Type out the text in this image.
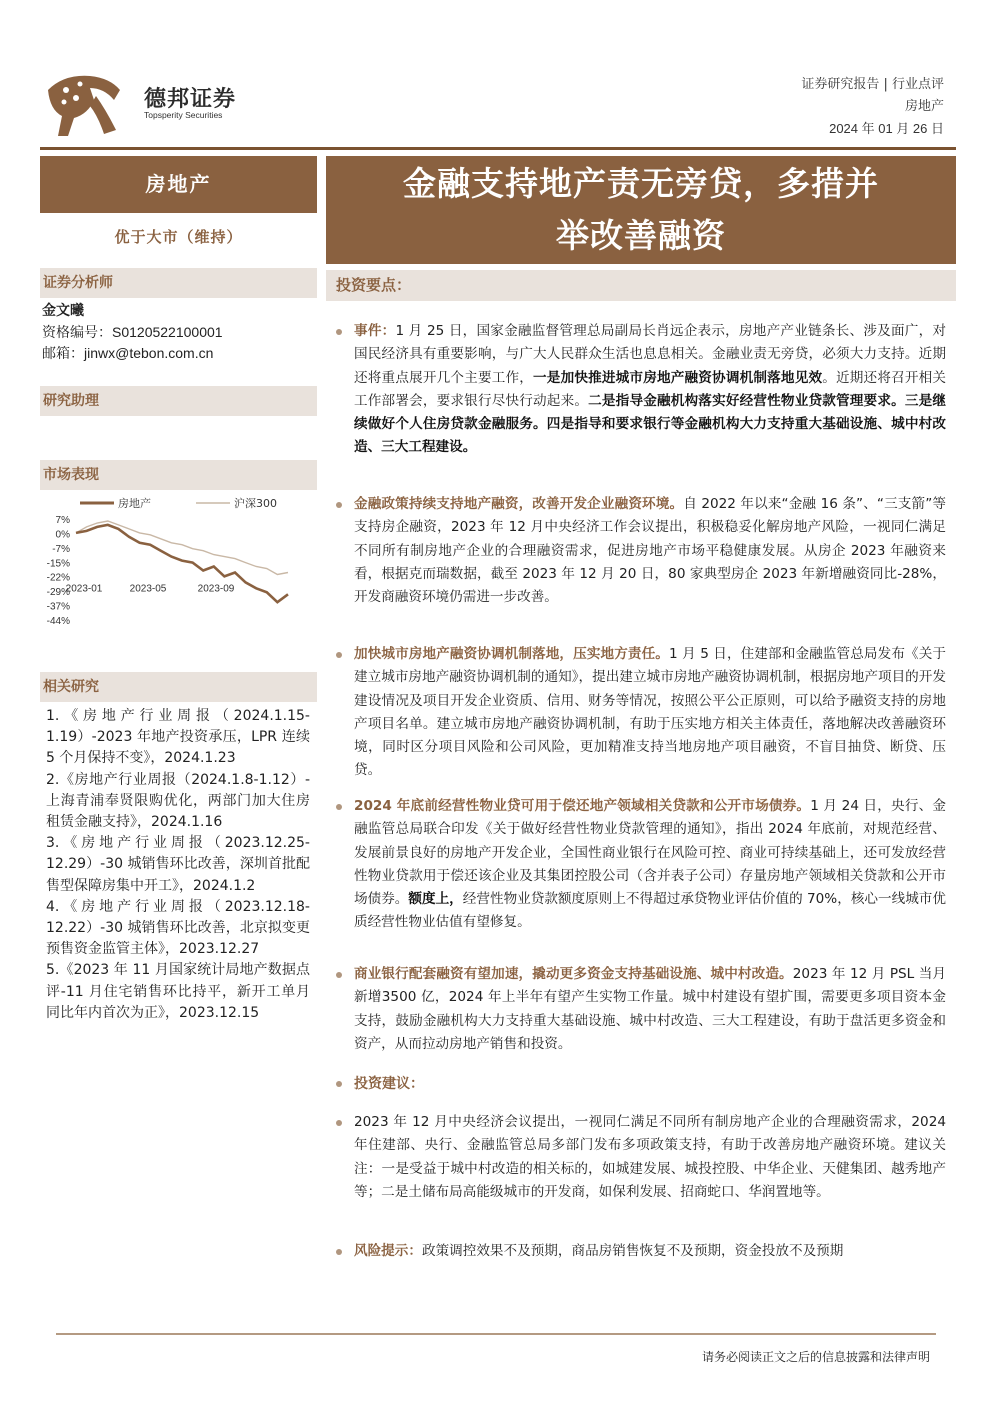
德邦证券
Topsperity Securities
证券研究报告 | 行业点评
房地产
2024 年 01 月 26 日
房地产
优于大市（维持）
证券分析师
金文曦
资格编号：S0120522100001
邮箱：jinwx@tebon.com.cn
研究助理
市场表现
房地产	沪深300
7%
0%
-7%
-15%
-22%
-29%
-37%
-44%
2023-01	2023-05	2023-09
相关研究
1.《房地产行业周报（2024.1.15-1.19）-2023 年地产投资承压，LPR 连续 5 个月保持不变》，2024.1.23
2.《房地产行业周报（2024.1.8-1.12）-上海青浦奉贤限购优化，两部门加大住房租赁金融支持》，2024.1.16
3.《房地产行业周报（2023.12.25-12.29）-30 城销售环比改善，深圳首批配售型保障房集中开工》，2024.1.2
4.《房地产行业周报（2023.12.18-12.22）-30 城销售环比改善，北京拟变更预售资金监管主体》，2023.12.27
5.《2023 年 11 月国家统计局地产数据点评-11 月住宅销售环比持平，新开工单月同比年内首次为正》，2023.12.15
金融支持地产责无旁贷，多措并
举改善融资
投资要点：
事件：1 月 25 日，国家金融监督管理总局副局长肖远企表示，房地产产业链条长、涉及面广，对国民经济具有重要影响，与广大人民群众生活也息息相关。金融业责无旁贷，必须大力支持。近期还将重点展开几个主要工作，一是加快推进城市房地产融资协调机制落地见效。近期还将召开相关工作部署会，要求银行尽快行动起来。二是指导金融机构落实好经营性物业贷款管理要求。三是继续做好个人住房贷款金融服务。四是指导和要求银行等金融机构大力支持重大基础设施、城中村改造、三大工程建设。
金融政策持续支持地产融资，改善开发企业融资环境。自 2022 年以来“金融 16 条”、“三支箭”等支持房企融资，2023 年 12 月中央经济工作会议提出，积极稳妥化解房地产风险，一视同仁满足不同所有制房地产企业的合理融资需求，促进房地产市场平稳健康发展。从房企 2023 年融资来看，根据克而瑞数据，截至 2023 年 12 月 20 日，80 家典型房企 2023 年新增融资同比-28%，开发商融资环境仍需进一步改善。
加快城市房地产融资协调机制落地，压实地方责任。1 月 5 日，住建部和金融监管总局发布《关于建立城市房地产融资协调机制的通知》，提出建立城市房地产融资协调机制，根据房地产项目的开发建设情况及项目开发企业资质、信用、财务等情况，按照公平公正原则，可以给予融资支持的房地产项目名单。建立城市房地产融资协调机制，有助于压实地方相关主体责任，落地解决改善融资环境，同时区分项目风险和公司风险，更加精准支持当地房地产项目融资，不盲目抽贷、断贷、压贷。
2024 年底前经营性物业贷可用于偿还地产领域相关贷款和公开市场债券。1 月 24 日，央行、金融监管总局联合印发《关于做好经营性物业贷款管理的通知》，指出 2024 年底前，对规范经营、发展前景良好的房地产开发企业，全国性商业银行在风险可控、商业可持续基础上，还可发放经营性物业贷款用于偿还该企业及其集团控股公司（含并表子公司）存量房地产领域相关贷款和公开市场债券。额度上，经营性物业贷款额度原则上不得超过承贷物业评估价值的 70%，核心一线城市优质经营性物业估值有望修复。
商业银行配套融资有望加速，撬动更多资金支持基础设施、城中村改造。2023 年 12 月 PSL 当月新增3500 亿，2024 年上半年有望产生实物工作量。城中村建设有望扩围，需要更多项目资本金支持，鼓励金融机构大力支持重大基础设施、城中村改造、三大工程建设，有助于盘活更多资金和资产，从而拉动房地产销售和投资。
投资建议：
2023 年 12 月中央经济会议提出，一视同仁满足不同所有制房地产企业的合理融资需求，2024 年住建部、央行、金融监管总局多部门发布多项政策支持，有助于改善房地产融资环境。建议关注：一是受益于城中村改造的相关标的，如城建发展、城投控股、中华企业、天健集团、越秀地产等；二是土储布局高能级城市的开发商，如保利发展、招商蛇口、华润置地等。
风险提示：政策调控效果不及预期，商品房销售恢复不及预期，资金投放不及预期
请务必阅读正文之后的信息披露和法律声明
